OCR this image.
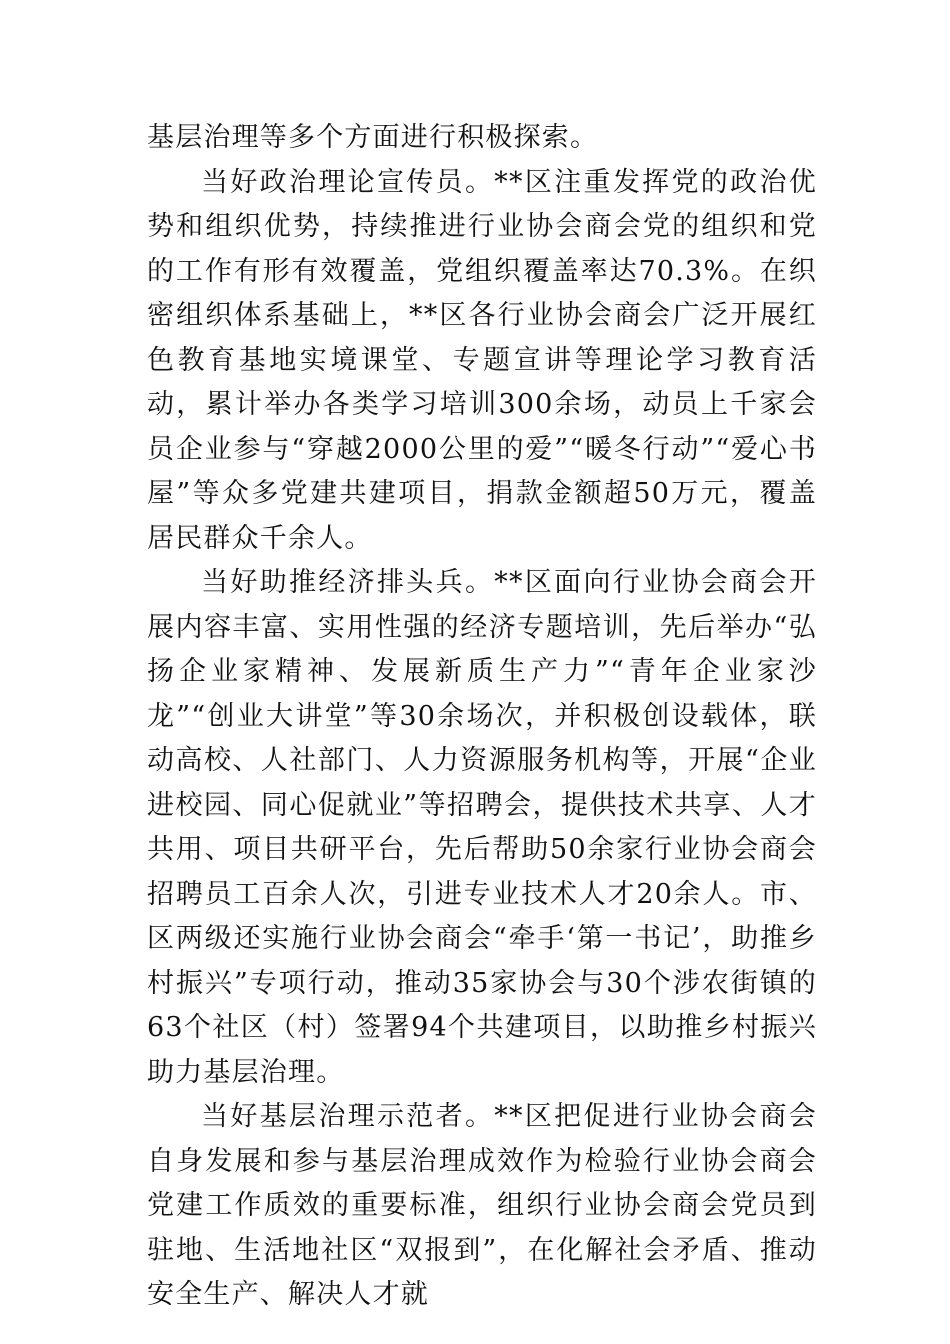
基层治理等多个方面进行积极探索。

当好政治理论宣传员。**区注重发挥党的政治优势和组织优势，持续推进行业协会商会党的组织和党的工作有形有效覆盖，党组织覆盖率达70.3%。在织密组织体系基础上，**区各行业协会商会广泛开展红色教育基地实境课堂、专题宣讲等理论学习教育活动，累计举办各类学习培训300余场，动员上千家会员企业参与“穿越2000公里的爱”“暖冬行动”“爱心书屋”等众多党建共建项目，捐款金额超50万元，覆盖居民群众千余人。

当好助推经济排头兵。**区面向行业协会商会开展内容丰富、实用性强的经济专题培训，先后举办“弘扬企业家精神、发展新质生产力”“青年企业家沙龙”“创业大讲堂”等30余场次，并积极创设载体，联动高校、人社部门、人力资源服务机构等，开展“企业进校园、同心促就业”等招聘会，提供技术共享、人才共用、项目共研平台，先后帮助50余家行业协会商会招聘员工百余人次，引进专业技术人才20余人。市、区两级还实施行业协会商会“牵手‘第一书记’，助推乡村振兴”专项行动，推动35家协会与30个涉农街镇的63个社区（村）签署94个共建项目，以助推乡村振兴助力基层治理。

当好基层治理示范者。**区把促进行业协会商会自身发展和参与基层治理成效作为检验行业协会商会党建工作质效的重要标准，组织行业协会商会党员到驻地、生活地社区“双报到”，在化解社会矛盾、推动安全生产、解决人才就
